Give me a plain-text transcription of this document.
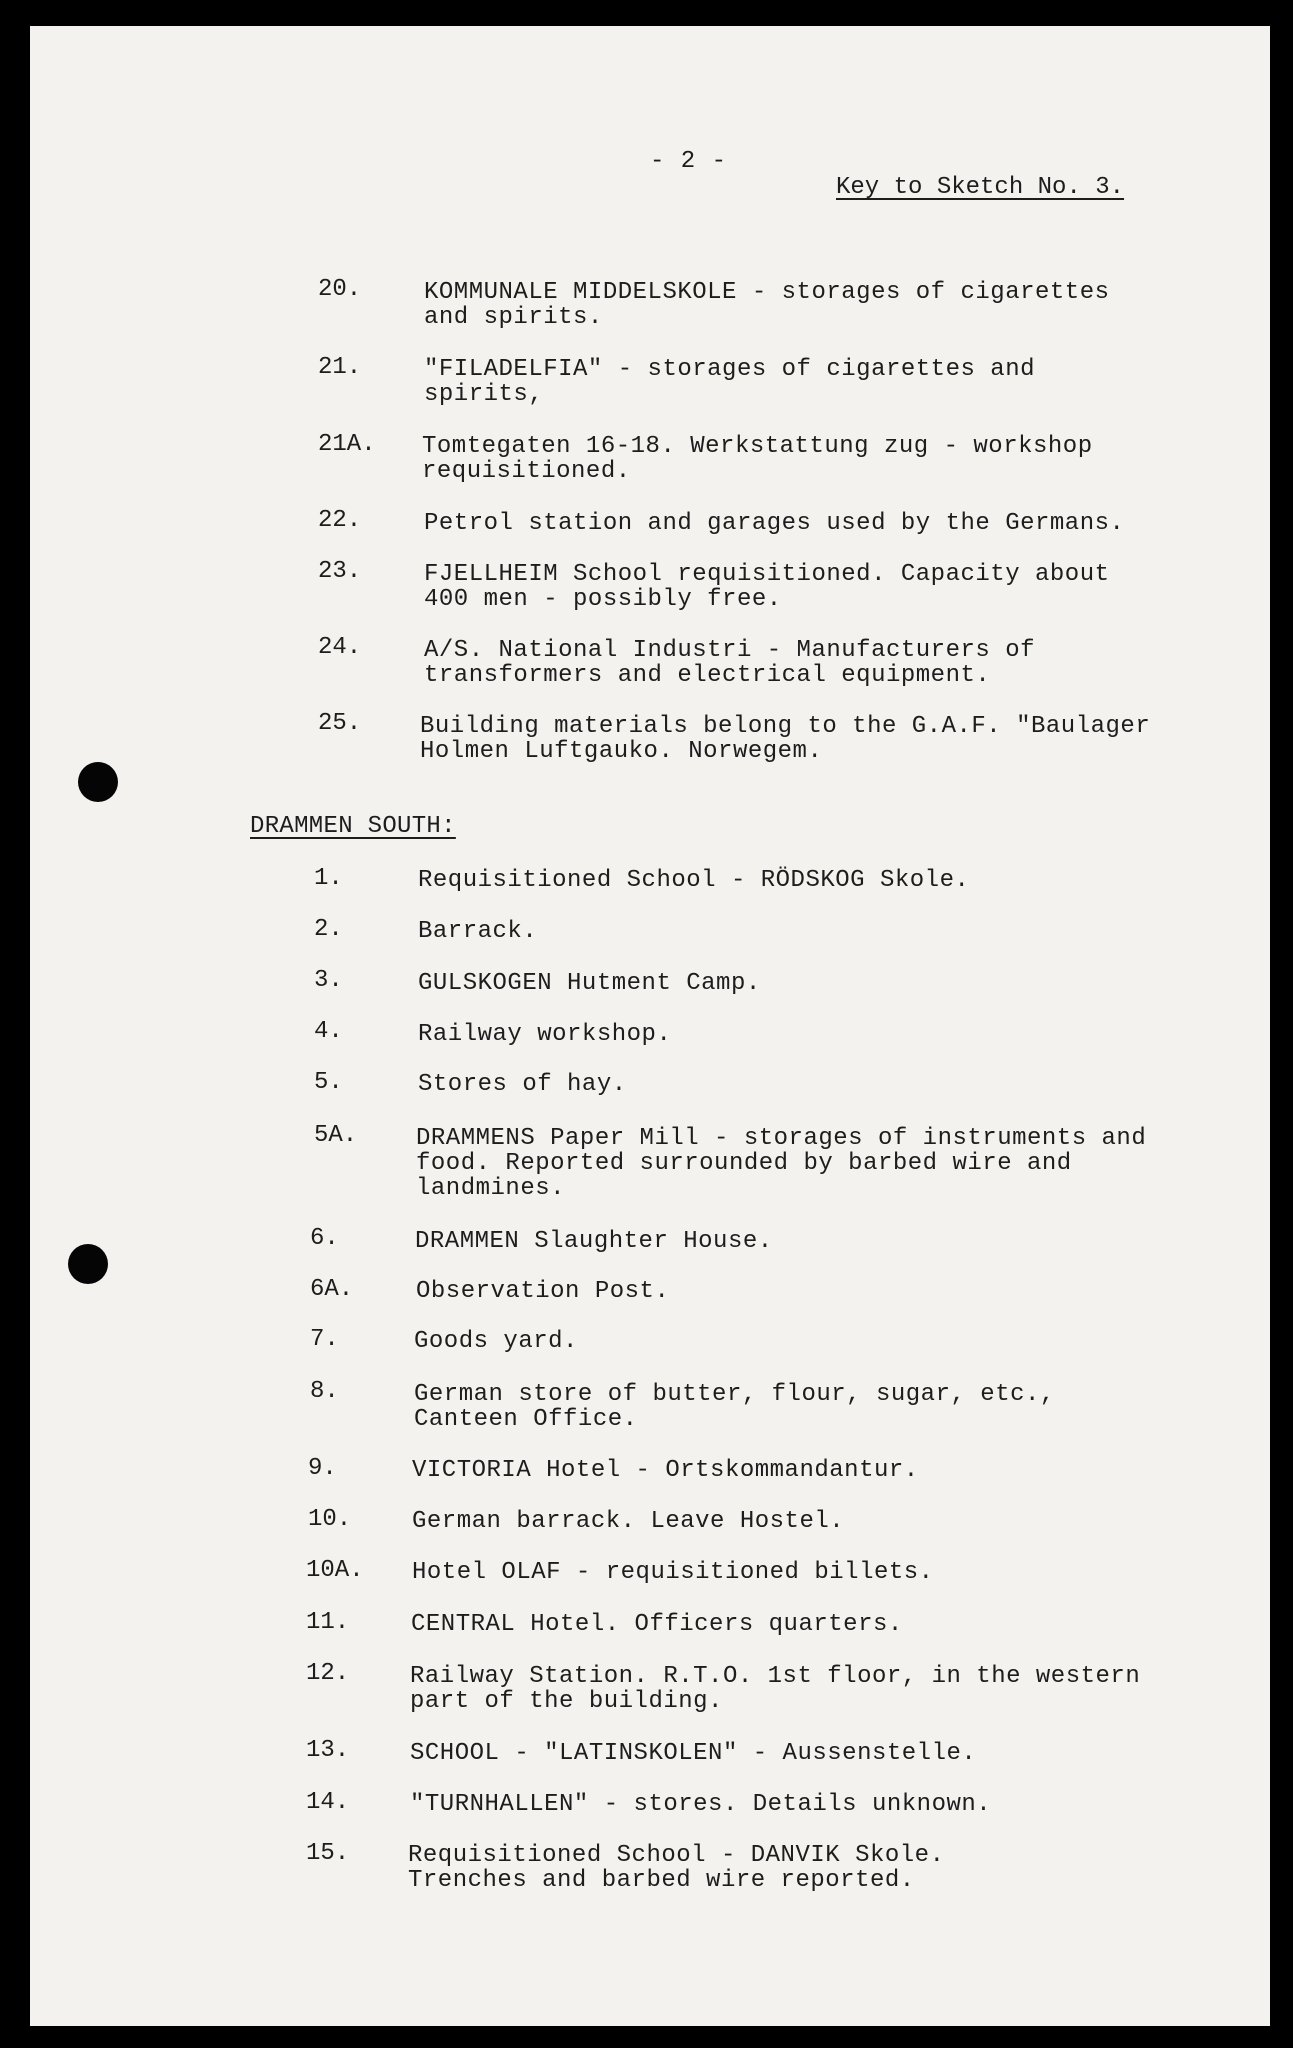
- 2 -
Key to Sketch No. 3.
20.	KOMMUNALE MIDDELSKOLE - storages of cigarettes
and spirits.
21.	"FILADELFIA" - storages of cigarettes and
spirits,
21A. Tomtegaten 16-18. Werkstattung zug - workshop
requisitioned.
22.	Petrol station and garages used by the Germans.
23.	FJELLHEIM School requisitioned. Capacity about
400 men - possibly free.
24.	A/S. National Industri - Manufacturers of
transformers and electrical equipment.
25. Building materials belong to the G.A.F. "Baulager
Holmen Luftgauko. Norwegem.
DRAMMEN SOUTH:
1.	Requisitioned School - RÖDSKOG Skole.
2.	Barrack.
3.	GULSKOGEN Hutment Camp.
4.	Railway workshop.
5.	Stores of hay.
5A. DRAMMENS Paper Mill - storages of instruments and
food. Reported surrounded by barbed wire and
landmines.
6.	DRAMMEN Slaughter House.
6A.	Observation Post.
7.	Goods yard.
8.	German store of butter, flour, sugar, etc.,
Canteen Office.
9.	VICTORIA Hotel - Ortskommandantur.
10.	German barrack. Leave Hostel.
10A. Hotel OLAF - requisitioned billets.
11.	CENTRAL Hotel. Officers quarters.
12.	Railway Station. R.T.O. 1st floor, in the western
part of the building.
13.	SCHOOL - "LATINSKOLEN" - Aussenstelle.
14.	"TURNHALLEN" - stores. Details unknown.
15. Requisitioned School - DANVIK Skole.
Trenches and barbed wire reported.
